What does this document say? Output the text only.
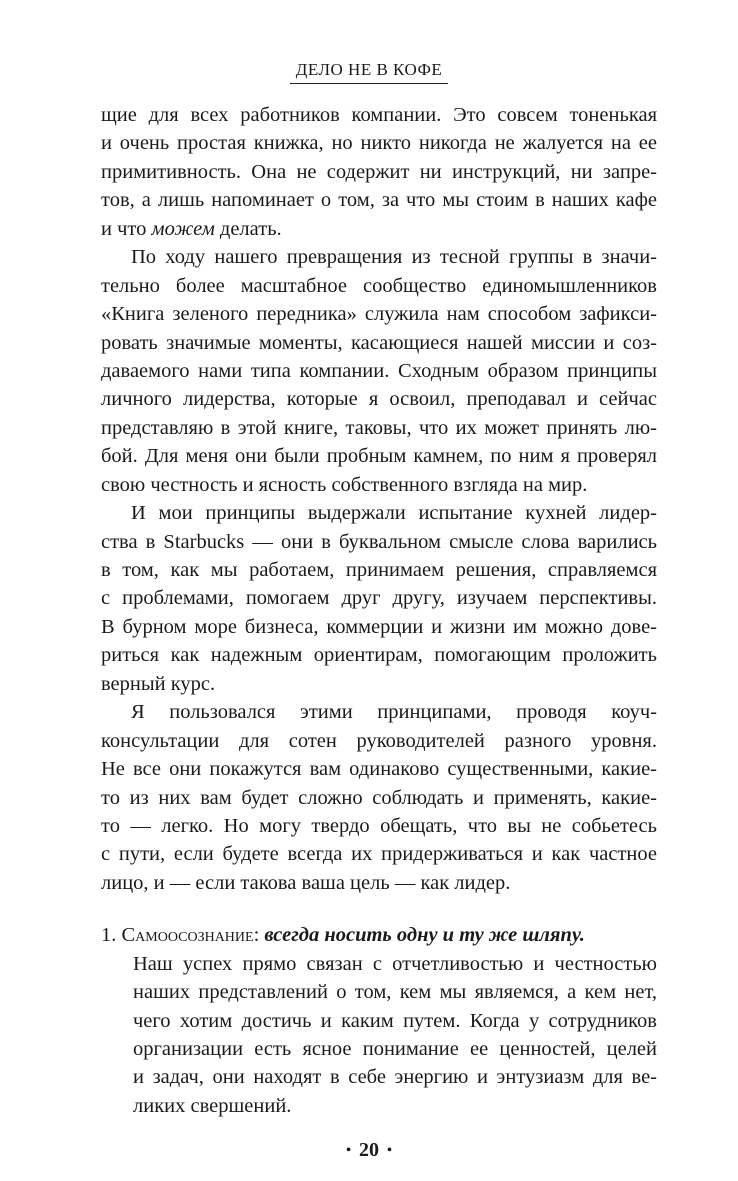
ДЕЛО НЕ В КОФЕ
щие для всех работников компании. Это совсем тоненькая
и очень простая книжка, но никто никогда не жалуется на ее
примитивность. Она не содержит ни инструкций, ни запре-
тов, а лишь напоминает о том, за что мы стоим в наших кафе
и что можем делать.
По ходу нашего превращения из тесной группы в значи-
тельно более масштабное сообщество единомышленников
«Книга зеленого передника» служила нам способом зафикси-
ровать значимые моменты, касающиеся нашей миссии и соз-
даваемого нами типа компании. Сходным образом принципы
личного лидерства, которые я освоил, преподавал и сейчас
представляю в этой книге, таковы, что их может принять лю-
бой. Для меня они были пробным камнем, по ним я проверял
свою честность и ясность собственного взгляда на мир.
И мои принципы выдержали испытание кухней лидер-
ства в Starbucks — они в буквальном смысле слова варились
в том, как мы работаем, принимаем решения, справляемся
с проблемами, помогаем друг другу, изучаем перспективы.
В бурном море бизнеса, коммерции и жизни им можно дове-
риться как надежным ориентирам, помогающим проложить
верный курс.
Я пользовался этими принципами, проводя коуч-
консультации для сотен руководителей разного уровня.
Не все они покажутся вам одинаково существенными, какие-
то из них вам будет сложно соблюдать и применять, какие-
то — легко. Но могу твердо обещать, что вы не собьетесь
с пути, если будете всегда их придерживаться и как частное
лицо, и — если такова ваша цель — как лидер.
1. Самоосознание: всегда носить одну и ту же шляпу.
Наш успех прямо связан с отчетливостью и честностью
наших представлений о том, кем мы являемся, а кем нет,
чего хотим достичь и каким путем. Когда у сотрудников
организации есть ясное понимание ее ценностей, целей
и задач, они находят в себе энергию и энтузиазм для ве-
ликих свершений.
• 20 •
